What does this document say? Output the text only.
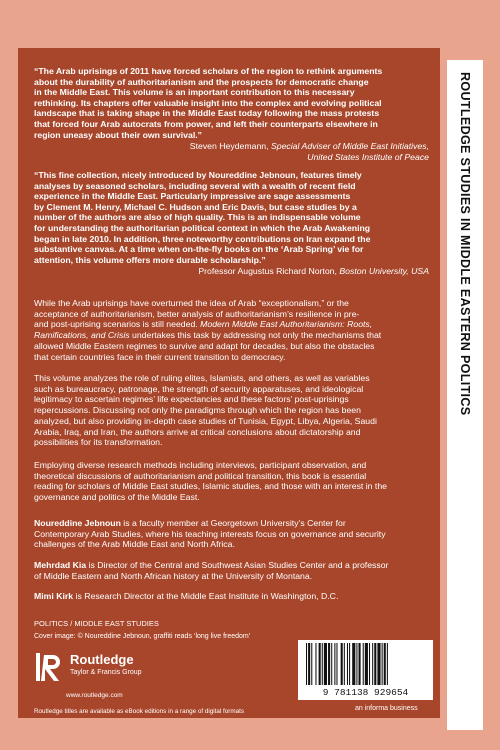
ROUTLEDGE STUDIES IN MIDDLE EASTERN POLITICS
“The Arab uprisings of 2011 have forced scholars of the region to rethink arguments
about the durability of authoritarianism and the prospects for democratic change
in the Middle East. This volume is an important contribution to this necessary
rethinking. Its chapters offer valuable insight into the complex and evolving political
landscape that is taking shape in the Middle East today following the mass protests
that forced four Arab autocrats from power, and left their counterparts elsewhere in
region uneasy about their own survival.”
Steven Heydemann, Special Adviser of Middle East Initiatives,
United States Institute of Peace
“This fine collection, nicely introduced by Noureddine Jebnoun, features timely
analyses by seasoned scholars, including several with a wealth of recent field
experience in the Middle East. Particularly impressive are sage assessments
by Clement M. Henry, Michael C. Hudson and Eric Davis, but case studies by a
number of the authors are also of high quality. This is an indispensable volume
for understanding the authoritarian political context in which the Arab Awakening
began in late 2010. In addition, three noteworthy contributions on Iran expand the
substantive canvas. At a time when on-the-fly books on the ‘Arab Spring’ vie for
attention, this volume offers more durable scholarship.”
Professor Augustus Richard Norton, Boston University, USA
While the Arab uprisings have overturned the idea of Arab “exceptionalism,” or the
acceptance of authoritarianism, better analysis of authoritarianism’s resilience in pre-
and post-uprising scenarios is still needed. Modern Middle East Authoritarianism: Roots,
Ramifications, and Crisis undertakes this task by addressing not only the mechanisms that
allowed Middle Eastern regimes to survive and adapt for decades, but also the obstacles
that certain countries face in their current transition to democracy.
This volume analyzes the role of ruling elites, Islamists, and others, as well as variables
such as bureaucracy, patronage, the strength of security apparatuses, and ideological
legitimacy to ascertain regimes’ life expectancies and these factors’ post-uprisings
repercussions. Discussing not only the paradigms through which the region has been
analyzed, but also providing in-depth case studies of Tunisia, Egypt, Libya, Algeria, Saudi
Arabia, Iraq, and Iran, the authors arrive at critical conclusions about dictatorship and
possibilities for its transformation.
Employing diverse research methods including interviews, participant observation, and
theoretical discussions of authoritarianism and political transition, this book is essential
reading for scholars of Middle East studies, Islamic studies, and those with an interest in the
governance and politics of the Middle East.
Noureddine Jebnoun is a faculty member at Georgetown University’s Center for
Contemporary Arab Studies, where his teaching interests focus on governance and security
challenges of the Arab Middle East and North Africa.
Mehrdad Kia is Director of the Central and Southwest Asian Studies Center and a professor
of Middle Eastern and North African history at the University of Montana.
Mimi Kirk is Research Director at the Middle East Institute in Washington, D.C.
POLITICS / MIDDLE EAST STUDIES
Cover image: © Noureddine Jebnoun, graffiti reads ‘long live freedom’
Routledge
Taylor & Francis Group
www.routledge.com	9 781138 929654
Routledge titles are available as eBook editions in a range of digital formats	an informa business
